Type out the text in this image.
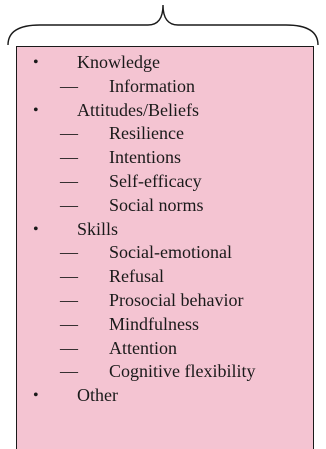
• Knowledge
— Information
• Attitudes/Beliefs
— Resilience
— Intentions
— Self-efficacy
— Social norms
• Skills
— Social-emotional
— Refusal
— Prosocial behavior
— Mindfulness
— Attention
— Cognitive flexibility
• Other
